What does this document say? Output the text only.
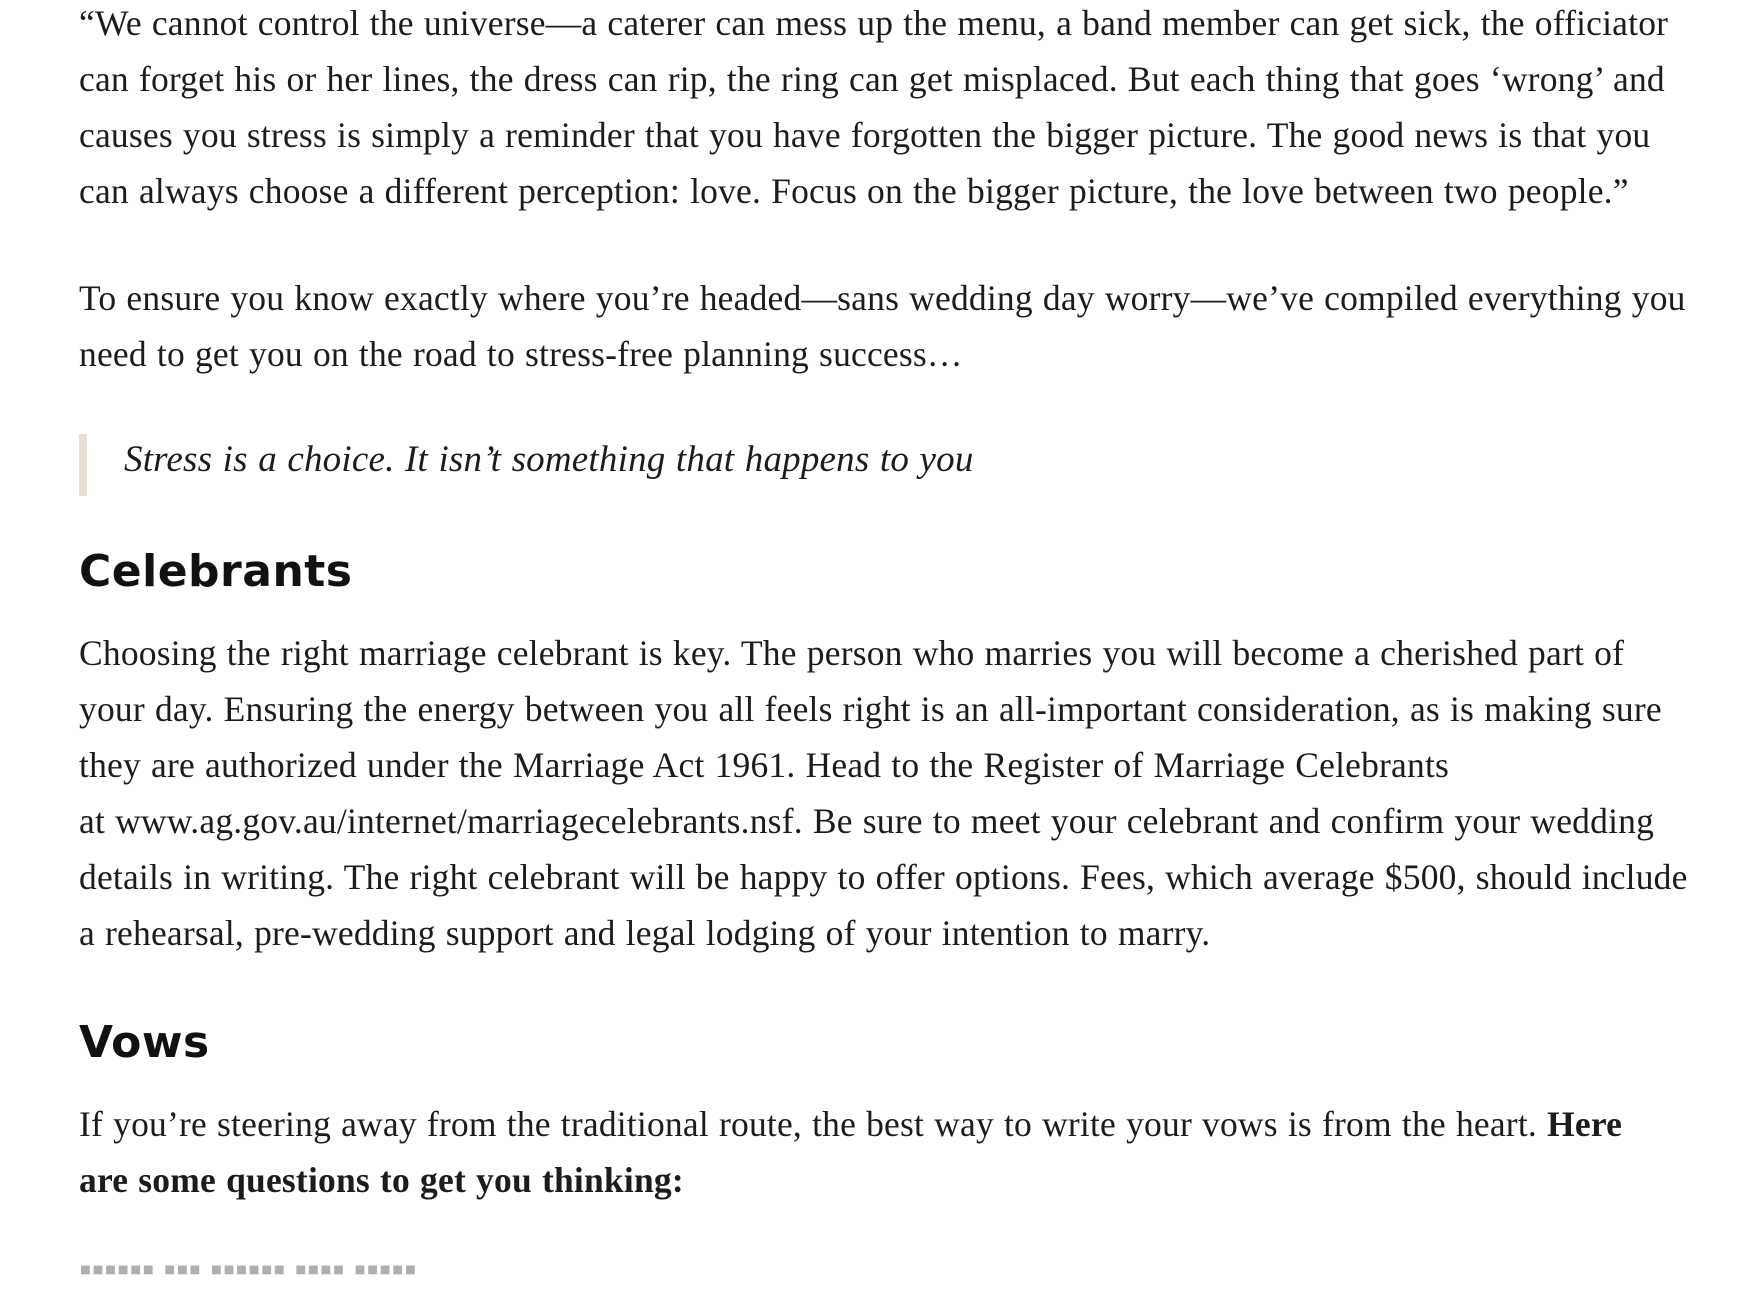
“We cannot control the universe—a caterer can mess up the menu, a band member can get sick, the officiator
can forget his or her lines, the dress can rip, the ring can get misplaced. But each thing that goes ‘wrong’ and
causes you stress is simply a reminder that you have forgotten the bigger picture. The good news is that you
can always choose a different perception: love. Focus on the bigger picture, the love between two people.”

To ensure you know exactly where you’re headed—sans wedding day worry—we’ve compiled everything you
need to get you on the road to stress-free planning success…

Stress is a choice. It isn’t something that happens to you

Celebrants

Choosing the right marriage celebrant is key. The person who marries you will become a cherished part of
your day. Ensuring the energy between you all feels right is an all-important consideration, as is making sure
they are authorized under the Marriage Act 1961. Head to the Register of Marriage Celebrants
at www.ag.gov.au/internet/marriagecelebrants.nsf. Be sure to meet your celebrant and confirm your wedding
details in writing. The right celebrant will be happy to offer options. Fees, which average $500, should include
a rehearsal, pre-wedding support and legal lodging of your intention to marry.

Vows

If you’re steering away from the traditional route, the best way to write your vows is from the heart. Here
are some questions to get you thinking:

▪▪▪▪▪▪ ▪▪▪ ▪▪▪▪▪▪ ▪▪▪▪ ▪▪▪▪▪
